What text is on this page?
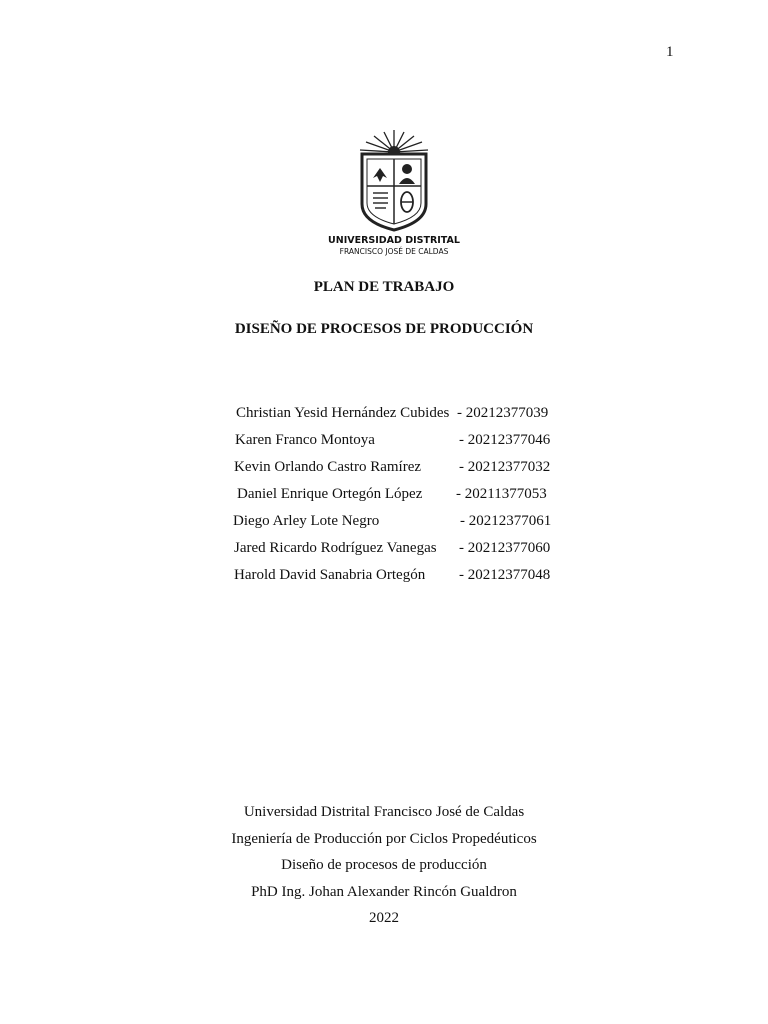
1
UNIVERSIDAD DISTRITAL
FRANCISCO JOSÉ DE CALDAS
PLAN DE TRABAJO
DISEÑO DE PROCESOS DE PRODUCCIÓN
Christian Yesid Hernández Cubides - 20212377039
Karen Franco Montoya	- 20212377046
Kevin Orlando Castro Ramírez	- 20212377032
Daniel Enrique Ortegón López - 20211377053
Diego Arley Lote Negro	- 20212377061
Jared Ricardo Rodríguez Vanegas - 20212377060
Harold David Sanabria Ortegón - 20212377048
Universidad Distrital Francisco José de Caldas
Ingeniería de Producción por Ciclos Propedéuticos
Diseño de procesos de producción
PhD Ing. Johan Alexander Rincón Gualdron
2022
